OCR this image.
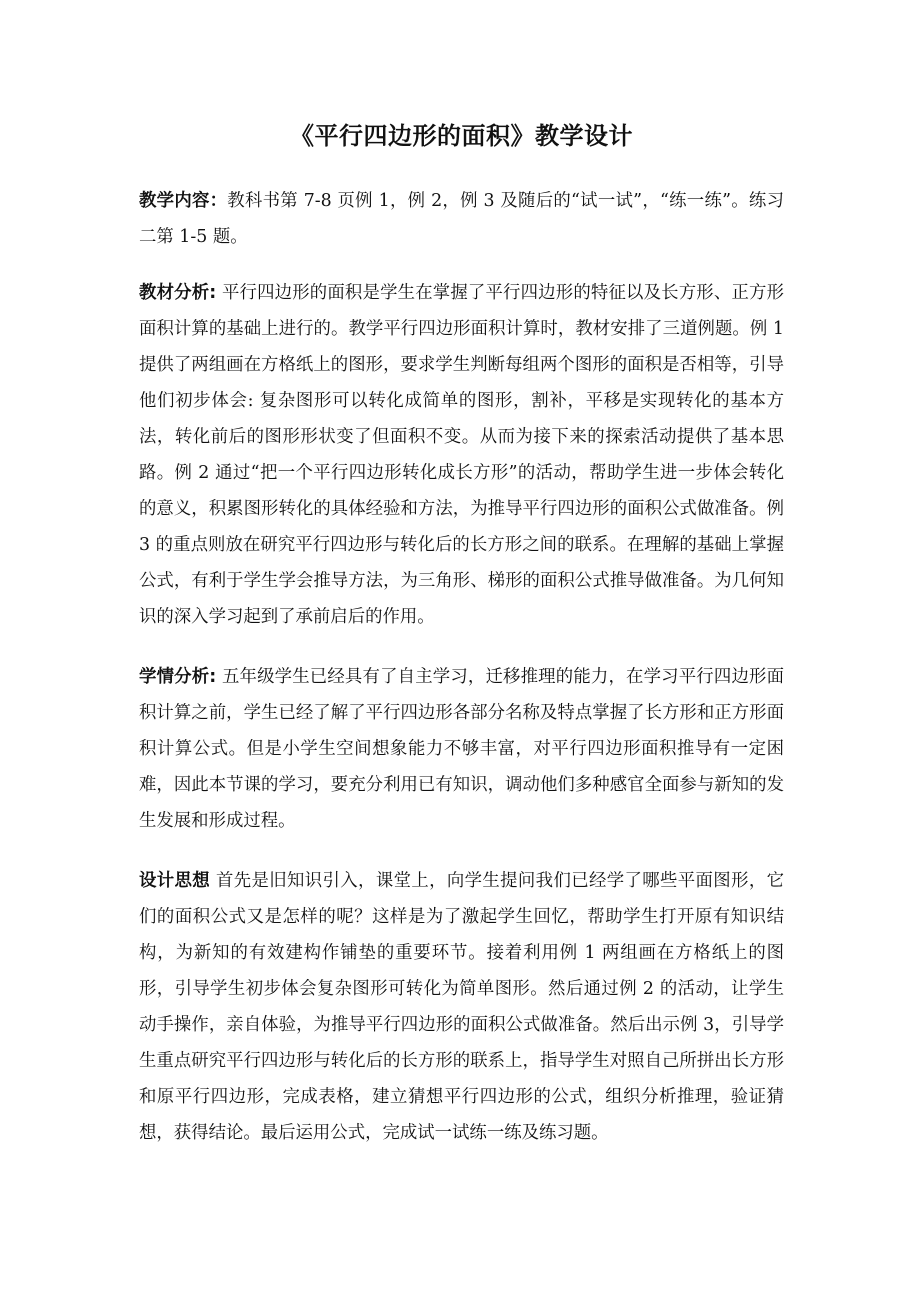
《平行四边形的面积》教学设计

教学内容：教科书第 7-8 页例 1，例 2，例 3 及随后的“试一试”，“练一练”。练习二第 1-5 题。

教材分析: 平行四边形的面积是学生在掌握了平行四边形的特征以及长方形、正方形面积计算的基础上进行的。教学平行四边形面积计算时，教材安排了三道例题。例 1 提供了两组画在方格纸上的图形，要求学生判断每组两个图形的面积是否相等，引导他们初步体会: 复杂图形可以转化成简单的图形，割补，平移是实现转化的基本方法，转化前后的图形形状变了但面积不变。从而为接下来的探索活动提供了基本思路。例 2 通过“把一个平行四边形转化成长方形”的活动，帮助学生进一步体会转化的意义，积累图形转化的具体经验和方法，为推导平行四边形的面积公式做准备。例 3 的重点则放在研究平行四边形与转化后的长方形之间的联系。在理解的基础上掌握公式，有利于学生学会推导方法，为三角形、梯形的面积公式推导做准备。为几何知识的深入学习起到了承前启后的作用。

学情分析: 五年级学生已经具有了自主学习，迁移推理的能力，在学习平行四边形面积计算之前，学生已经了解了平行四边形各部分名称及特点掌握了长方形和正方形面积计算公式。但是小学生空间想象能力不够丰富，对平行四边形面积推导有一定困难，因此本节课的学习，要充分利用已有知识，调动他们多种感官全面参与新知的发生发展和形成过程。

设计思想 首先是旧知识引入，课堂上，向学生提问我们已经学了哪些平面图形，它们的面积公式又是怎样的呢？这样是为了激起学生回忆，帮助学生打开原有知识结构，为新知的有效建构作铺垫的重要环节。接着利用例 1 两组画在方格纸上的图形，引导学生初步体会复杂图形可转化为简单图形。然后通过例 2 的活动，让学生动手操作，亲自体验，为推导平行四边形的面积公式做准备。然后出示例 3，引导学生重点研究平行四边形与转化后的长方形的联系上，指导学生对照自己所拼出长方形和原平行四边形，完成表格，建立猜想平行四边形的公式，组织分析推理，验证猜想，获得结论。最后运用公式，完成试一试练一练及练习题。
